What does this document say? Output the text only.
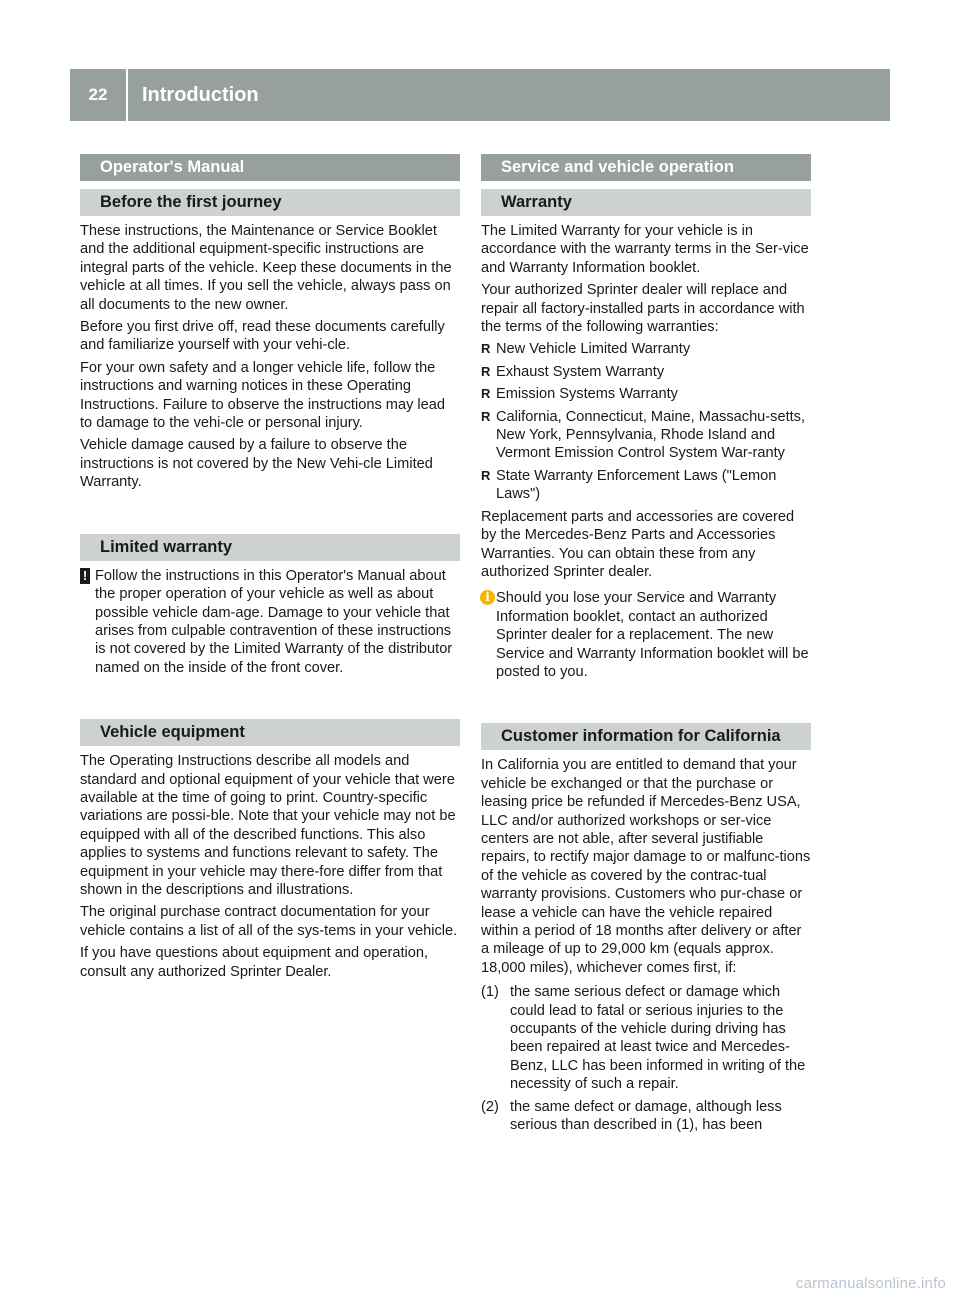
22	Introduction
Operator's Manual
Before the first journey

These instructions, the Maintenance or Service Booklet and the additional equipment-specific instructions are integral parts of the vehicle. Keep these documents in the vehicle at all times. If you sell the vehicle, always pass on all documents to the new owner.

Before you first drive off, read these documents carefully and familiarize yourself with your vehi-cle.

For your own safety and a longer vehicle life, follow the instructions and warning notices in these Operating Instructions. Failure to observe the instructions may lead to damage to the vehi-cle or personal injury.

Vehicle damage caused by a failure to observe the instructions is not covered by the New Vehi-cle Limited Warranty.

Limited warranty
! Follow the instructions in this Operator's Manual about the proper operation of your vehicle as well as about possible vehicle dam-age. Damage to your vehicle that arises from culpable contravention of these instructions is not covered by the Limited Warranty of the distributor named on the inside of the front cover.

Vehicle equipment

The Operating Instructions describe all models and standard and optional equipment of your vehicle that were available at the time of going to print. Country-specific variations are possi-ble. Note that your vehicle may not be equipped with all of the described functions. This also applies to systems and functions relevant to safety. The equipment in your vehicle may there-fore differ from that shown in the descriptions and illustrations.

The original purchase contract documentation for your vehicle contains a list of all of the sys-tems in your vehicle.

If you have questions about equipment and operation, consult any authorized Sprinter Dealer.

Service and vehicle operation
Warranty

The Limited Warranty for your vehicle is in accordance with the warranty terms in the Ser-vice and Warranty Information booklet.

Your authorized Sprinter dealer will replace and repair all factory-installed parts in accordance with the terms of the following warranties:

R New Vehicle Limited Warranty
R Exhaust System Warranty
R Emission Systems Warranty
R California, Connecticut, Maine, Massachu-setts, New York, Pennsylvania, Rhode Island and Vermont Emission Control System War-ranty
R State Warranty Enforcement Laws ("Lemon Laws")

Replacement parts and accessories are covered by the Mercedes-Benz Parts and Accessories Warranties. You can obtain these from any authorized Sprinter dealer.

i Should you lose your Service and Warranty Information booklet, contact an authorized Sprinter dealer for a replacement. The new Service and Warranty Information booklet will be posted to you.

Customer information for California

In California you are entitled to demand that your vehicle be exchanged or that the purchase or leasing price be refunded if Mercedes-Benz USA, LLC and/or authorized workshops or ser-vice centers are not able, after several justifiable repairs, to rectify major damage to or malfunc-tions of the vehicle as covered by the contrac-tual warranty provisions. Customers who pur-chase or lease a vehicle can have the vehicle repaired within a period of 18 months after delivery or after a mileage of up to 29,000 km (equals approx. 18,000 miles), whichever comes first, if:

(1) the same serious defect or damage which could lead to fatal or serious injuries to the occupants of the vehicle during driving has been repaired at least twice and Mercedes-Benz, LLC has been informed in writing of the necessity of such a repair.
(2) the same defect or damage, although less serious than described in (1), has been
carmanualsonline.info
